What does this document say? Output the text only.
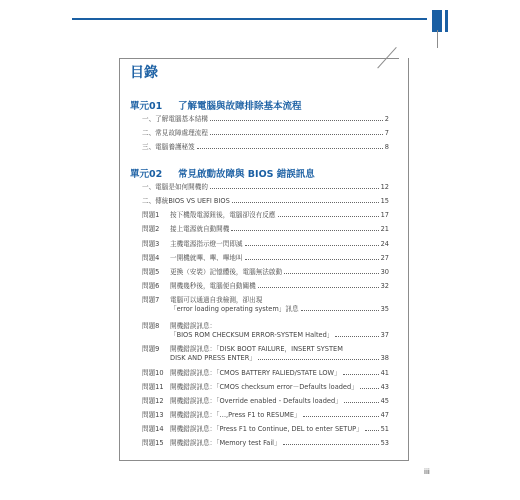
目錄
單元01 了解電腦與故障排除基本流程
一、了解電腦基本結構	2
二、常見故障處理流程	7
三、電腦養護秘笈	8
單元02 常見啟動故障與 BIOS 錯誤訊息
一、電腦是如何開機的	12
二、傳統BIOS VS UEFI BIOS	15
問題1 按下機殼電源鈕後，電腦卻沒有反應	17
問題2 接上電源就自動開機	21
問題3 主機電源指示燈一閃即滅	24
問題4 一開機就嗶、嗶、嗶地叫	27
問題5 更換（安裝）記憶體後，電腦無法啟動	30
問題6 開機幾秒後，電腦便自動關機	32
問題7 電腦可以通過自我檢測，卻出現
「error loading operating system」訊息	35
問題8 開機錯誤訊息：
「BIOS ROM CHECKSUM ERROR-SYSTEM Halted」	37
問題9 開機錯誤訊息：「DISK BOOT FAILURE，INSERT SYSTEM
DISK AND PRESS ENTER」	38
問題10 開機錯誤訊息：「CMOS BATTERY FALIED/STATE LOW」	41
問題11 開機錯誤訊息：「CMOS checksum error－Defaults loaded」	43
問題12 開機錯誤訊息：「Override enabled - Defaults loaded」	45
問題13 開機錯誤訊息：「…,Press F1 to RESUME」	47
問題14 開機錯誤訊息：「Press F1 to Continue, DEL to enter SETUP」	51
問題15 開機錯誤訊息：「Memory test Fail」	53
iii
